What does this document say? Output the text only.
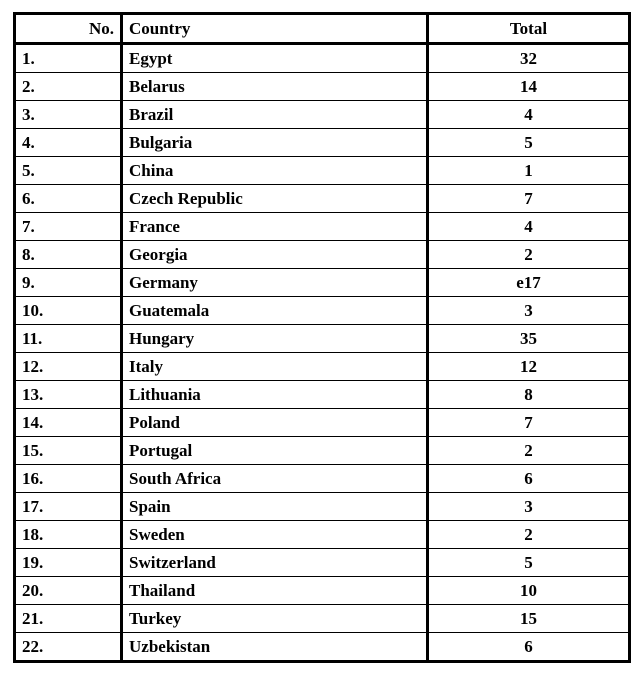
No.	Country	Total
1.	Egypt	32
2.	Belarus	14
3.	Brazil	4
4.	Bulgaria	5
5.	China	1
6.	Czech Republic	7
7.	France	4
8.	Georgia	2
9.	Germany	e17
10.	Guatemala	3
11.	Hungary	35
12.	Italy	12
13.	Lithuania	8
14.	Poland	7
15.	Portugal	2
16.	South Africa	6
17.	Spain	3
18.	Sweden	2
19.	Switzerland	5
20.	Thailand	10
21.	Turkey	15
22.	Uzbekistan	6
